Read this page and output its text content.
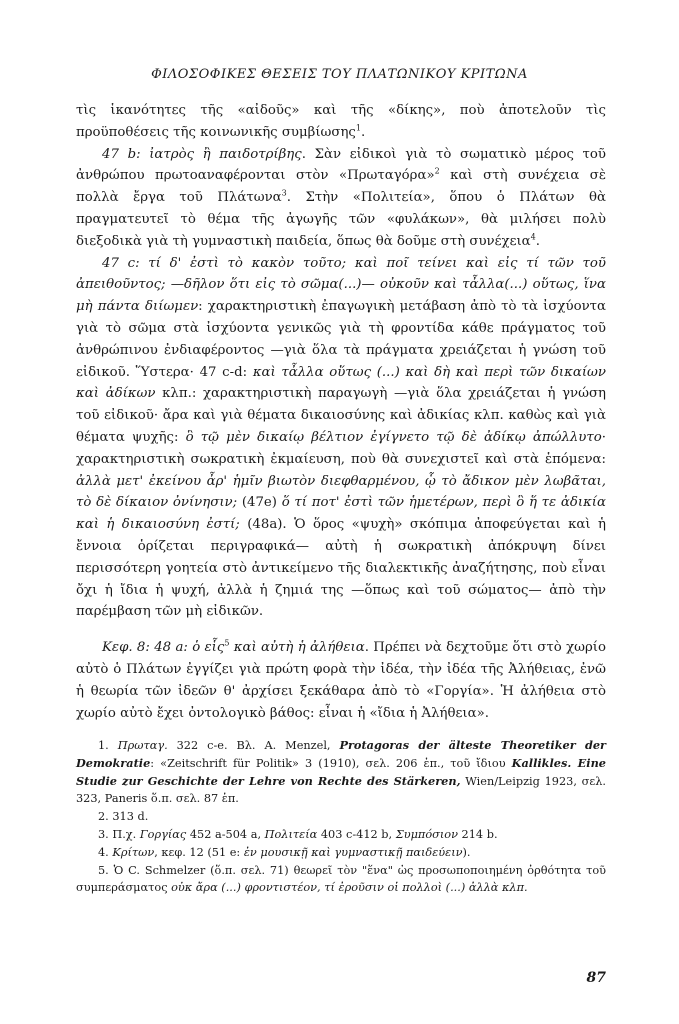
ΦΙΛΟΣΟΦΙΚΕΣ ΘΕΣΕΙΣ ΤΟΥ ΠΛΑΤΩΝΙΚΟΥ ΚΡΙΤΩΝΑ

τὶς ἱκανότητες τῆς «αἰδοῦς» καὶ τῆς «δίκης», ποὺ ἀποτελοῦν τὶς προϋποθέσεις τῆς κοινωνικῆς συμβίωσης$^1$.

47 b: ἰατρὸς ἢ παιδοτρίβης. Σὰν εἰδικοὶ γιὰ τὸ σωματικὸ μέρος τοῦ ἀνθρώπου πρωτοαναφέρονται στὸν «Πρωταγόρα»$^2$ καὶ στὴ συνέχεια σὲ πολλὰ ἔργα τοῦ Πλάτωνα$^3$. Στὴν «Πολιτεία», ὅπου ὁ Πλάτων θὰ πραγματευτεῖ τὸ θέμα τῆς ἀγωγῆς τῶν «φυλάκων», θὰ μιλήσει πολὺ διεξοδικὰ γιὰ τὴ γυμναστικὴ παιδεία, ὅπως θὰ δοῦμε στὴ συνέχεια$^4$.

47 c: τί δ' ἐστὶ τὸ κακὸν τοῦτο; καὶ ποῖ τείνει καὶ εἰς τί τῶν τοῦ ἀπειθοῦντος; —δῆλον ὅτι εἰς τὸ σῶμα(...)— οὐκοῦν καὶ τἆλλα(...) οὕτως, ἵνα μὴ πάντα διίωμεν: χαρακτηριστικὴ ἐπαγωγικὴ μετάβαση ἀπὸ τὸ τὰ ἰσχύοντα γιὰ τὸ σῶμα στὰ ἰσχύοντα γενικῶς γιὰ τὴ φροντίδα κάθε πράγματος τοῦ ἀνθρώπινου ἐνδιαφέροντος —γιὰ ὅλα τὰ πράγματα χρειάζεται ἡ γνώση τοῦ εἰδικοῦ. Ὕστερα· 47 c-d: καὶ τἆλλα οὕτως (...) καὶ δὴ καὶ περὶ τῶν δικαίων καὶ ἀδίκων κλπ.: χαρακτηριστικὴ παραγωγὴ —γιὰ ὅλα χρειάζεται ἡ γνώση τοῦ εἰδικοῦ· ἄρα καὶ γιὰ θέματα δικαιοσύνης καὶ ἀδικίας κλπ. καθὼς καὶ γιὰ θέματα ψυχῆς: ὃ τῷ μὲν δικαίῳ βέλτιον ἐγίγνετο τῷ δὲ ἀδίκῳ ἀπώλλυτο· χαρακτηριστικὴ σωκρατικὴ ἐκμαίευση, ποὺ θὰ συνεχιστεῖ καὶ στὰ ἑπόμενα: ἀλλὰ μετ' ἐκείνου ἆρ' ἡμῖν βιωτὸν διεφθαρμένου, ᾧ τὸ ἄδικον μὲν λωβᾶται, τὸ δὲ δίκαιον ὀνίνησιν; (47e) ὅ τί ποτ' ἐστὶ τῶν ἡμετέρων, περὶ ὃ ἥ τε ἀδικία καὶ ἡ δικαιοσύνη ἐστί; (48a). Ὁ ὅρος «ψυχὴ» σκόπιμα ἀποφεύγεται καὶ ἡ ἔννοια ὁρίζεται περιγραφικά— αὐτὴ ἡ σωκρατικὴ ἀπόκρυψη δίνει περισσότερη γοητεία στὸ ἀντικείμενο τῆς διαλεκτικῆς ἀναζήτησης, ποὺ εἶναι ὄχι ἡ ἴδια ἡ ψυχή, ἀλλὰ ἡ ζημιά της —ὅπως καὶ τοῦ σώματος— ἀπὸ τὴν παρέμβαση τῶν μὴ εἰδικῶν.

Κεφ. 8: 48 a: ὁ εἷς$^5$ καὶ αὐτὴ ἡ ἀλήθεια. Πρέπει νὰ δεχτοῦμε ὅτι στὸ χωρίο αὐτὸ ὁ Πλάτων ἐγγίζει γιὰ πρώτη φορὰ τὴν ἰδέα, τὴν ἰδέα τῆς Ἀλήθειας, ἐνῶ ἡ θεωρία τῶν ἰδεῶν θ' ἀρχίσει ξεκάθαρα ἀπὸ τὸ «Γοργία». Ἡ ἀλήθεια στὸ χωρίο αὐτὸ ἔχει ὀντολογικὸ βάθος: εἶναι ἡ «ἴδια ἡ Ἀλήθεια».

1. Πρωταγ. 322 c-e. Βλ. A. Menzel, Protagoras der älteste Theoretiker der Demokratie: «Zeitschrift für Politik» 3 (1910), σελ. 206 ἑπ., τοῦ ἴδιου Kallikles. Eine Studie zur Geschichte der Lehre von Rechte des Stärkeren, Wien/Leipzig 1923, σελ. 323, Paneris ὅ.π. σελ. 87 ἑπ.

2. 313 d.

3. Π.χ. Γοργίας 452 a-504 a, Πολιτεία 403 c-412 b, Συμπόσιον 214 b.

4. Κρίτων, κεφ. 12 (51 e: ἐν μουσικῇ καὶ γυμναστικῇ παιδεύειν).

5. Ὁ C. Schmelzer (ὅ.π. σελ. 71) θεωρεῖ τὸν "ἕνα" ὡς προσωποποιημένη ὀρθότητα τοῦ συμπεράσματος οὐκ ἄρα (...) φροντιστέον, τί ἐροῦσιν οἱ πολλοὶ (...) ἀλλὰ κλπ.

87
